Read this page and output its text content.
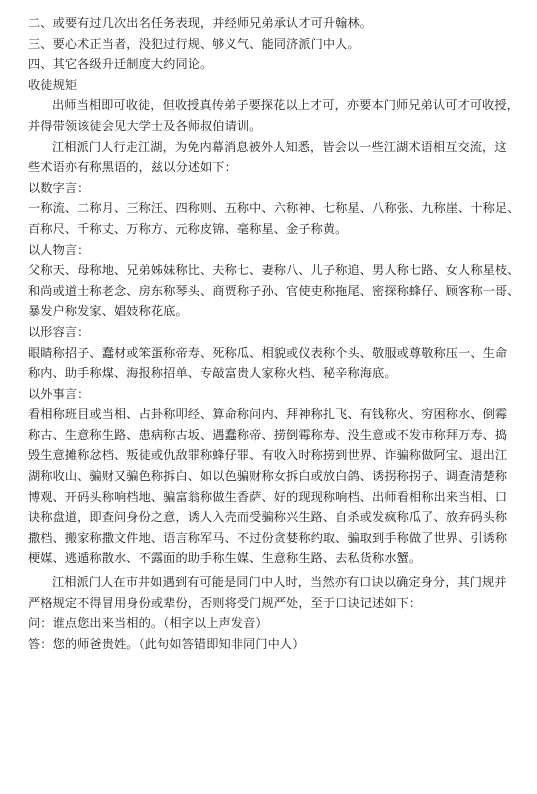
二、或要有过几次出名任务表现，并经师兄弟承认才可升翰林。

三、要心术正当者，没犯过行规、够义气、能同济派门中人。

四、其它各级升迁制度大约同论。

收徒规矩

出师当相即可收徒，但收授真传弟子要探花以上才可，亦要本门师兄弟认可才可收授，

并得带领该徒会见大学士及各师叔伯请训。

江相派门人行走江湖，为免内幕消息被外人知悉，皆会以一些江湖术语相互交流，这

些术语亦有称黑语的，兹以分述如下：

以数字言：

一称流、二称月、三称汪、四称则、五称中、六称神、七称星、八称张、九称崖、十称足、

百称尺、千称丈、万称方、元称皮锦、毫称星、金子称黄。

以人物言：

父称天、母称地、兄弟姊妹称比、夫称七、妻称八、儿子称追、男人称七路、女人称星枝、

和尚或道士称老念、房东称琴头、商贾称子孙、官使吏称拖尾、密探称蜂仔、顾客称一哥、

暴发户称发家、娼妓称花底。

以形容言：

眼睛称招子、蠢材或笨蛋称帝寿、死称瓜、相貌或仪表称个头、敬服或尊敬称压一、生命

称内、助手称煤、海报称招单、专敲富贵人家称火档、秘辛称海底。

以外事言：

看相称班目或当相、占卦称叩经、算命称问内、拜神称扎飞、有钱称火、穷困称水、倒霉

称古、生意称生路、患病称古坂、遇蠢称帝、捞倒霉称寿、没生意或不发市称拜万寿、捣

毁生意摊称忿档、叛徒或仇敌罪称蜂仔罪、有收入时称捞到世界、诈骗称做阿宝、退出江

湖称收山、骗财又骗色称拆白、如以色骗财称女拆白或放白鸽、诱拐称拐子、调查清楚称

博观、开码头称响档地、骗富翁称做生香萨、好的现现称响档、出师看相称出来当相、口

诀称盘道，即查问身份之意，诱人入壳而受骗称兴生路、自杀或发疯称瓜了、放弃码头称

撒档、搬家称撒文件地、语言称军马、不过份贪婪称约取、骗取到手称做了世界、引诱称

梗媒、逃遁称散水、不露面的助手称生媒、生意称生路、去私货称水蟹。

江相派门人在市井如遇到有可能是同门中人时，当然亦有口诀以确定身分，其门规并

严格规定不得冒用身份或辈份，否则将受门规严处，至于口诀记述如下：

问：谁点您出来当相的。（相字以上声发音）

答：您的师爸贵姓。（此句如答错即知非同门中人）
